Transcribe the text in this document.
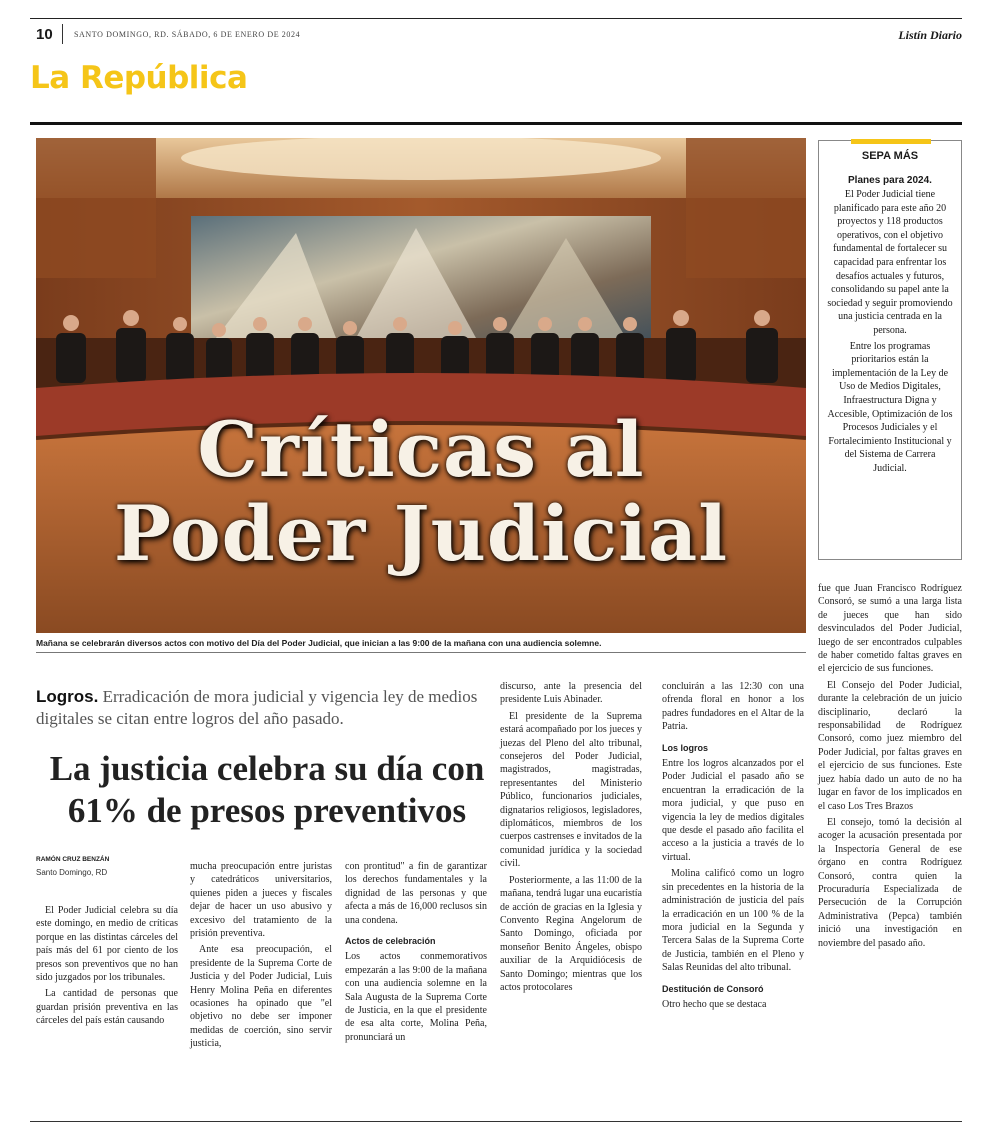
10	SANTO DOMINGO, RD. SÁBADO, 6 DE ENERO DE 2024	Listín Diario
La República
Críticas al
Poder Judicial
Mañana se celebrarán diversos actos con motivo del Día del Poder Judicial, que inician a las 9:00 de la mañana con una audiencia solemne.
SEPA MÁS
Planes para 2024.

El Poder Judicial tiene planificado para este año 20 proyectos y 118 productos operativos, con el objetivo fundamental de fortalecer su capacidad para enfrentar los desafíos actuales y futuros, consolidando su papel ante la sociedad y seguir promoviendo una justicia centrada en la persona.

Entre los programas prioritarios están la implementación de la Ley de Uso de Medios Digitales, Infraestructura Digna y Accesible, Optimización de los Procesos Judiciales y el Fortalecimiento Institucional y del Sistema de Carrera Judicial.

Logros. Erradicación de mora judicial y vigencia ley de medios digitales se citan entre logros del año pasado.
La justicia celebra su día con 61% de presos preventivos
RAMÓN CRUZ BENZÁN
Santo Domingo, RD

El Poder Judicial celebra su día este domingo, en medio de críticas porque en las distintas cárceles del país más del 61 por ciento de los presos son preventivos que no han sido juzgados por los tribunales.

La cantidad de personas que guardan prisión preventiva en las cárceles del país están causando

mucha preocupación entre juristas y catedráticos universitarios, quienes piden a jueces y fiscales dejar de hacer un uso abusivo y excesivo del tratamiento de la prisión preventiva.

Ante esa preocupación, el presidente de la Suprema Corte de Justicia y del Poder Judicial, Luis Henry Molina Peña en diferentes ocasiones ha opinado que "el objetivo no debe ser imponer medidas de coerción, sino servir justicia,

con prontitud" a fin de garantizar los derechos fundamentales y la dignidad de las personas y que afecta a más de 16,000 reclusos sin una condena.

Actos de celebración

Los actos conmemorativos empezarán a las 9:00 de la mañana con una audiencia solemne en la Sala Augusta de la Suprema Corte de Justicia, en la que el presidente de esa alta corte, Molina Peña, pronunciará un

discurso, ante la presencia del presidente Luis Abinader.

El presidente de la Suprema estará acompañado por los jueces y juezas del Pleno del alto tribunal, consejeros del Poder Judicial, magistrados, magistradas, representantes del Ministerio Público, funcionarios judiciales, dignatarios religiosos, legisladores, diplomáticos, miembros de los cuerpos castrenses e invitados de la comunidad jurídica y la sociedad civil.

Posteriormente, a las 11:00 de la mañana, tendrá lugar una eucaristía de acción de gracias en la Iglesia y Convento Regina Angelorum de Santo Domingo, oficiada por monseñor Benito Ángeles, obispo auxiliar de la Arquidiócesis de Santo Domingo; mientras que los actos protocolares

concluirán a las 12:30 con una ofrenda floral en honor a los padres fundadores en el Altar de la Patria.

Los logros

Entre los logros alcanzados por el Poder Judicial el pasado año se encuentran la erradicación de la mora judicial, y que puso en vigencia la ley de medios digitales que desde el pasado año facilita el acceso a la justicia a través de lo virtual.

Molina calificó como un logro sin precedentes en la historia de la administración de justicia del país la erradicación en un 100 % de la mora judicial en la Segunda y Tercera Salas de la Suprema Corte de Justicia, también en el Pleno y Salas Reunidas del alto tribunal.

Destitución de Consoró

Otro hecho que se destaca

fue que Juan Francisco Rodríguez Consoró, se sumó a una larga lista de jueces que han sido desvinculados del Poder Judicial, luego de ser encontrados culpables de haber cometido faltas graves en el ejercicio de sus funciones.

El Consejo del Poder Judicial, durante la celebración de un juicio disciplinario, declaró la responsabilidad de Rodríguez Consoró, como juez miembro del Poder Judicial, por faltas graves en el ejercicio de sus funciones. Este juez había dado un auto de no ha lugar en favor de los implicados en el caso Los Tres Brazos

El consejo, tomó la decisión al acoger la acusación presentada por la Inspectoría General de ese órgano en contra Rodríguez Consoró, contra quien la Procuraduría Especializada de Persecución de la Corrupción Administrativa (Pepca) también inició una investigación en noviembre del pasado año.
